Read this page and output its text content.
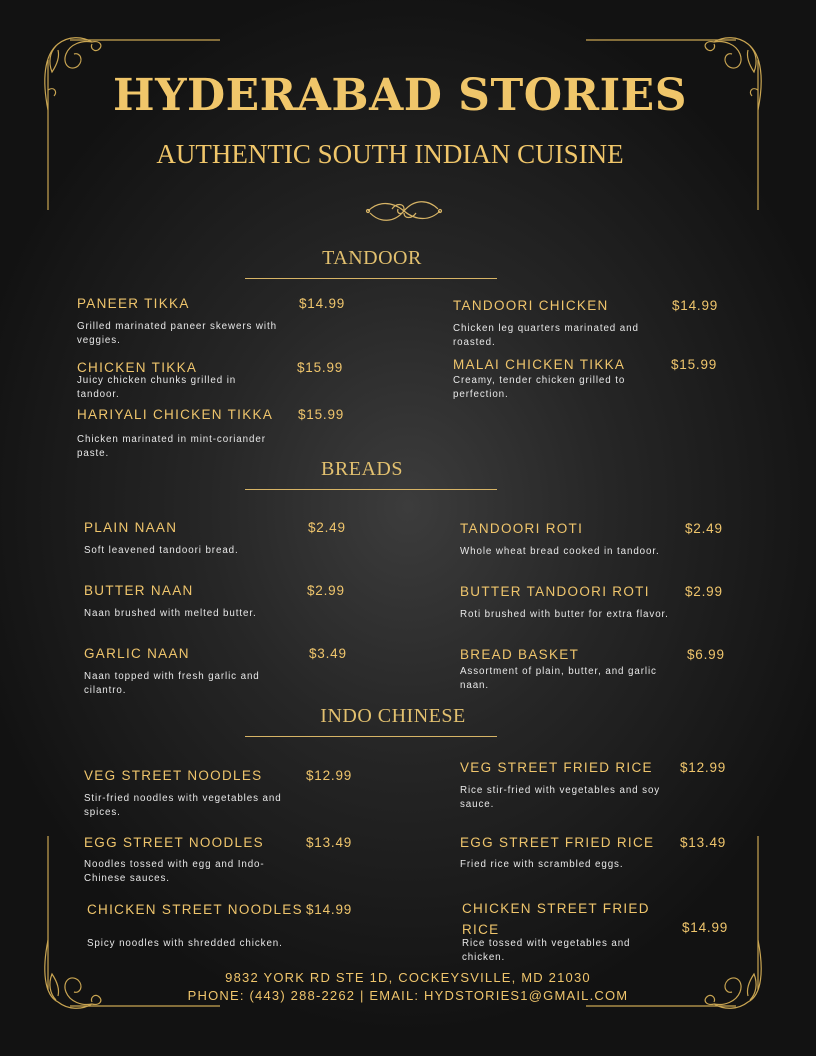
HYDERABAD STORIES
AUTHENTIC SOUTH INDIAN CUISINE
TANDOOR
PANEER TIKKA	$14.99
Grilled marinated paneer skewers with veggies.
CHICKEN TIKKA	$15.99
Juicy chicken chunks grilled in tandoor.
HARIYALI CHICKEN TIKKA $15.99
Chicken marinated in mint-coriander paste.
TANDOORI CHICKEN	$14.99
Chicken leg quarters marinated and roasted.
MALAI CHICKEN TIKKA	$15.99
Creamy, tender chicken grilled to perfection.
BREADS
PLAIN NAAN	$2.49
Soft leavened tandoori bread.
BUTTER NAAN	$2.99
Naan brushed with melted butter.
GARLIC NAAN	$3.49
Naan topped with fresh garlic and cilantro.
TANDOORI ROTI	$2.49
Whole wheat bread cooked in tandoor.
BUTTER TANDOORI ROTI	$2.99
Roti brushed with butter for extra flavor.
BREAD BASKET	$6.99
Assortment of plain, butter, and garlic naan.
INDO CHINESE
VEG STREET NOODLES	$12.99
Stir-fried noodles with vegetables and spices.
EGG STREET NOODLES	$13.49
Noodles tossed with egg and Indo-Chinese sauces.
CHICKEN STREET NOODLES $14.99
Spicy noodles with shredded chicken.
VEG STREET FRIED RICE $12.99
Rice stir-fried with vegetables and soy sauce.
EGG STREET FRIED RICE $13.49
Fried rice with scrambled eggs.
CHICKEN STREET FRIED RICE	$14.99
Rice tossed with vegetables and chicken.
9832 YORK RD STE 1D, COCKEYSVILLE, MD 21030
PHONE: (443) 288-2262 | EMAIL: HYDSTORIES1@GMAIL.COM
